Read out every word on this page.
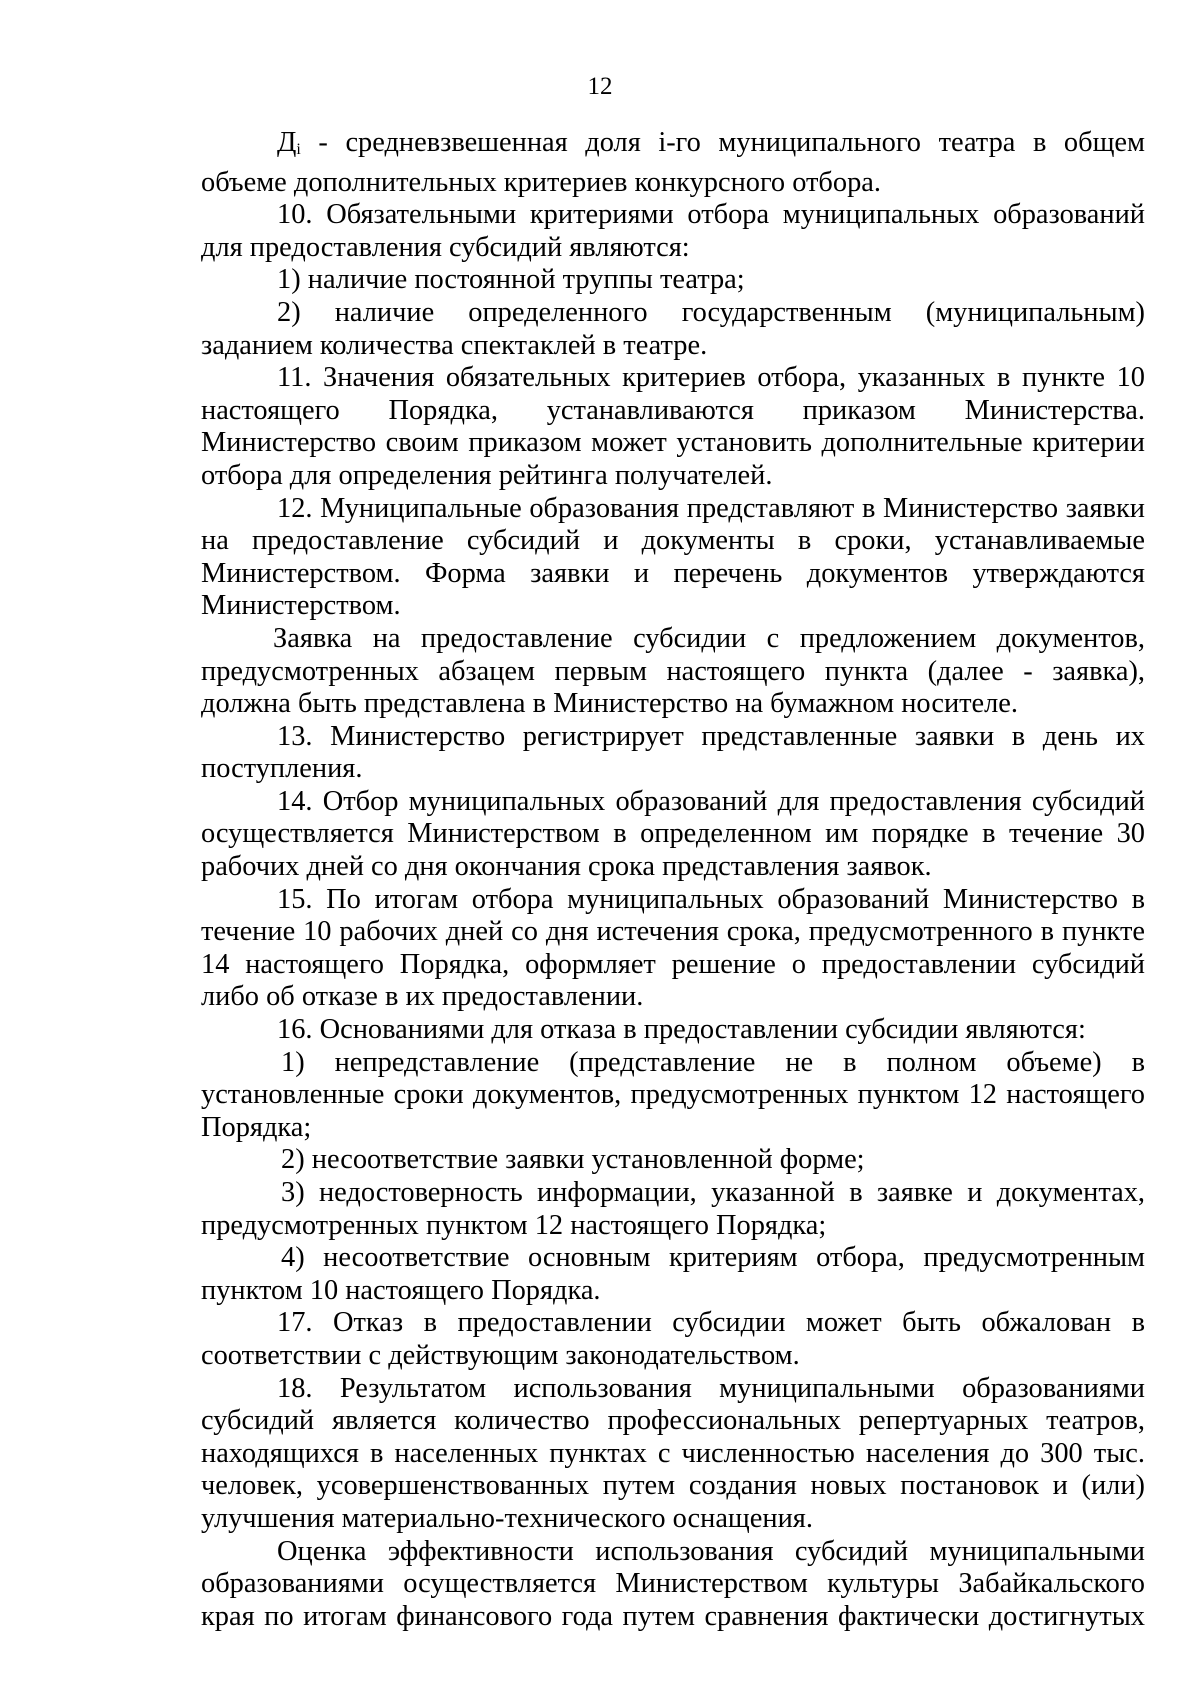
12

Дi - средневзвешенная доля i-го муниципального театра в общем объеме дополнительных критериев конкурсного отбора.

10. Обязательными критериями отбора муниципальных образований для предоставления субсидий являются:

1) наличие постоянной труппы театра;

2) наличие определенного государственным (муниципальным) заданием количества спектаклей в театре.

11. Значения обязательных критериев отбора, указанных в пункте 10 настоящего Порядка, устанавливаются приказом Министерства. Министерство своим приказом может установить дополнительные критерии отбора для определения рейтинга получателей.

12. Муниципальные образования представляют в Министерство заявки на предоставление субсидий и документы в сроки, устанавливаемые Министерством. Форма заявки и перечень документов утверждаются Министерством.

Заявка на предоставление субсидии с предложением документов, предусмотренных абзацем первым настоящего пункта (далее - заявка), должна быть представлена в Министерство на бумажном носителе.

13. Министерство регистрирует представленные заявки в день их поступления.

14. Отбор муниципальных образований для предоставления субсидий осуществляется Министерством в определенном им порядке в течение 30 рабочих дней со дня окончания срока представления заявок.

15. По итогам отбора муниципальных образований Министерство в течение 10 рабочих дней со дня истечения срока, предусмотренного в пункте 14 настоящего Порядка, оформляет решение о предоставлении субсидий либо об отказе в их предоставлении.

16. Основаниями для отказа в предоставлении субсидии являются:

1) непредставление (представление не в полном объеме) в установленные сроки документов, предусмотренных пунктом 12 настоящего Порядка;

2) несоответствие заявки установленной форме;

3) недостоверность информации, указанной в заявке и документах, предусмотренных пунктом 12 настоящего Порядка;

4) несоответствие основным критериям отбора, предусмотренным пунктом 10 настоящего Порядка.

17. Отказ в предоставлении субсидии может быть обжалован в соответствии с действующим законодательством.

18. Результатом использования муниципальными образованиями субсидий является количество профессиональных репертуарных театров, находящихся в населенных пунктах с численностью населения до 300 тыс. человек, усовершенствованных путем создания новых постановок и (или) улучшения материально-технического оснащения.

Оценка эффективности использования субсидий муниципальными образованиями осуществляется Министерством культуры Забайкальского края по итогам финансового года путем сравнения фактически достигнутых
